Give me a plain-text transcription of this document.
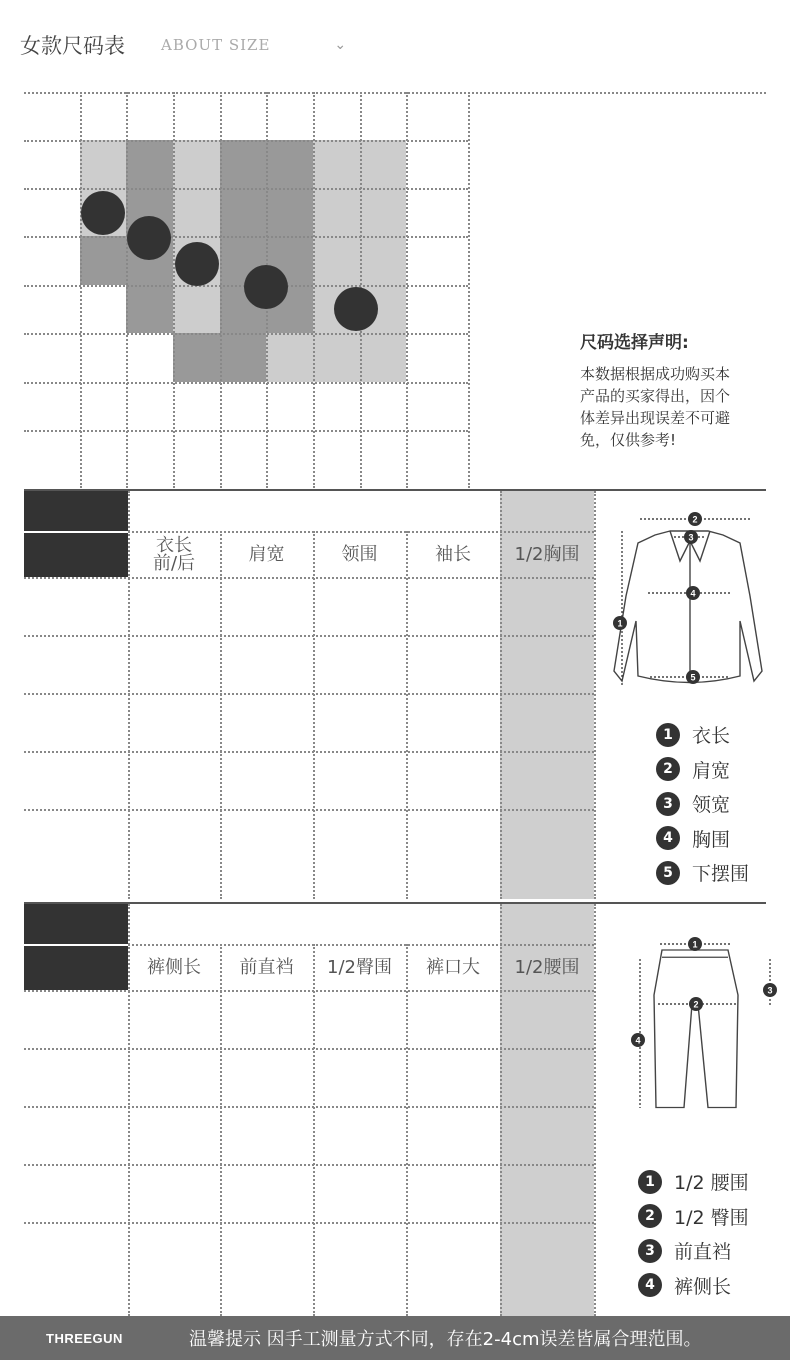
女款尺码表 ABOUT SIZE	⌄
尺码选择声明:
本数据根据成功购买本产品的买家得出，因个体差异出现误差不可避免，仅供参考!
衣长
前/后	肩宽	领围	袖长	1/2胸围
1	衣长
2	肩宽
3	领宽
4	胸围
5	下摆围
2
3
4
5
1
裤侧长	前直裆	1/2臀围	裤口大	1/2腰围
1	1/2 腰围
2	1/2 臀围
3	前直裆
4	裤侧长
1
2
3
4
THREEGUN	温馨提示 因手工测量方式不同，存在2-4cm误差皆属合理范围。
